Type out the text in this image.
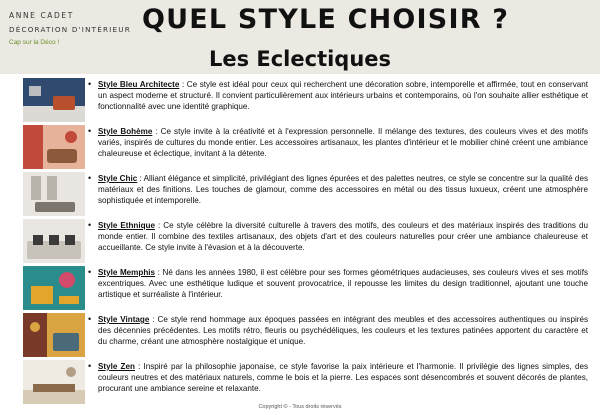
ANNE CADET
DÉCORATION D'INTÉRIEUR
Cap sur la Déco !
QUEL STYLE CHOISIR ?
Les Eclectiques
• Style Bleu Architecte : Ce style est idéal pour ceux qui recherchent une décoration sobre, intemporelle et affirmée, tout en conservant un aspect moderne et structuré. Il convient particulièrement aux intérieurs urbains et contemporains, où l'on souhaite allier esthétique et fonctionnalité avec une identité graphique.
• Style Bohème : Ce style invite à la créativité et à l'expression personnelle. Il mélange des textures, des couleurs vives et des motifs variés, inspirés de cultures du monde entier. Les accessoires artisanaux, les plantes d'intérieur et le mobilier chiné créent une ambiance chaleureuse et éclectique, invitant à la détente.
• Style Chic : Alliant élégance et simplicité, privilégiant des lignes épurées et des palettes neutres, ce style se concentre sur la qualité des matériaux et des finitions. Les touches de glamour, comme des accessoires en métal ou des tissus luxueux, créent une atmosphère sophistiquée et intemporelle.
• Style Ethnique : Ce style célèbre la diversité culturelle à travers des motifs, des couleurs et des matériaux inspirés des traditions du monde entier. Il combine des textiles artisanaux, des objets d'art et des couleurs naturelles pour créer une ambiance chaleureuse et accueillante. Ce style invite à l'évasion et à la découverte.
• Style Memphis : Né dans les années 1980, il est célèbre pour ses formes géométriques audacieuses, ses couleurs vives et ses motifs excentriques. Avec une esthétique ludique et souvent provocatrice, il repousse les limites du design traditionnel, ajoutant une touche artistique et surréaliste à l'intérieur.
• Style Vintage : Ce style rend hommage aux époques passées en intégrant des meubles et des accessoires authentiques ou inspirés des décennies précédentes. Les motifs rétro, fleuris ou psychédéliques, les couleurs et les textures patinées apportent du caractère et du charme, créant une atmosphère nostalgique et unique.
• Style Zen : Inspiré par la philosophie japonaise, ce style favorise la paix intérieure et l'harmonie. Il privilégie des lignes simples, des couleurs neutres et des matériaux naturels, comme le bois et la pierre. Les espaces sont désencombrés et souvent décorés de plantes, procurant une ambiance sereine et relaxante.
Copyright © - Tous droits réservés
